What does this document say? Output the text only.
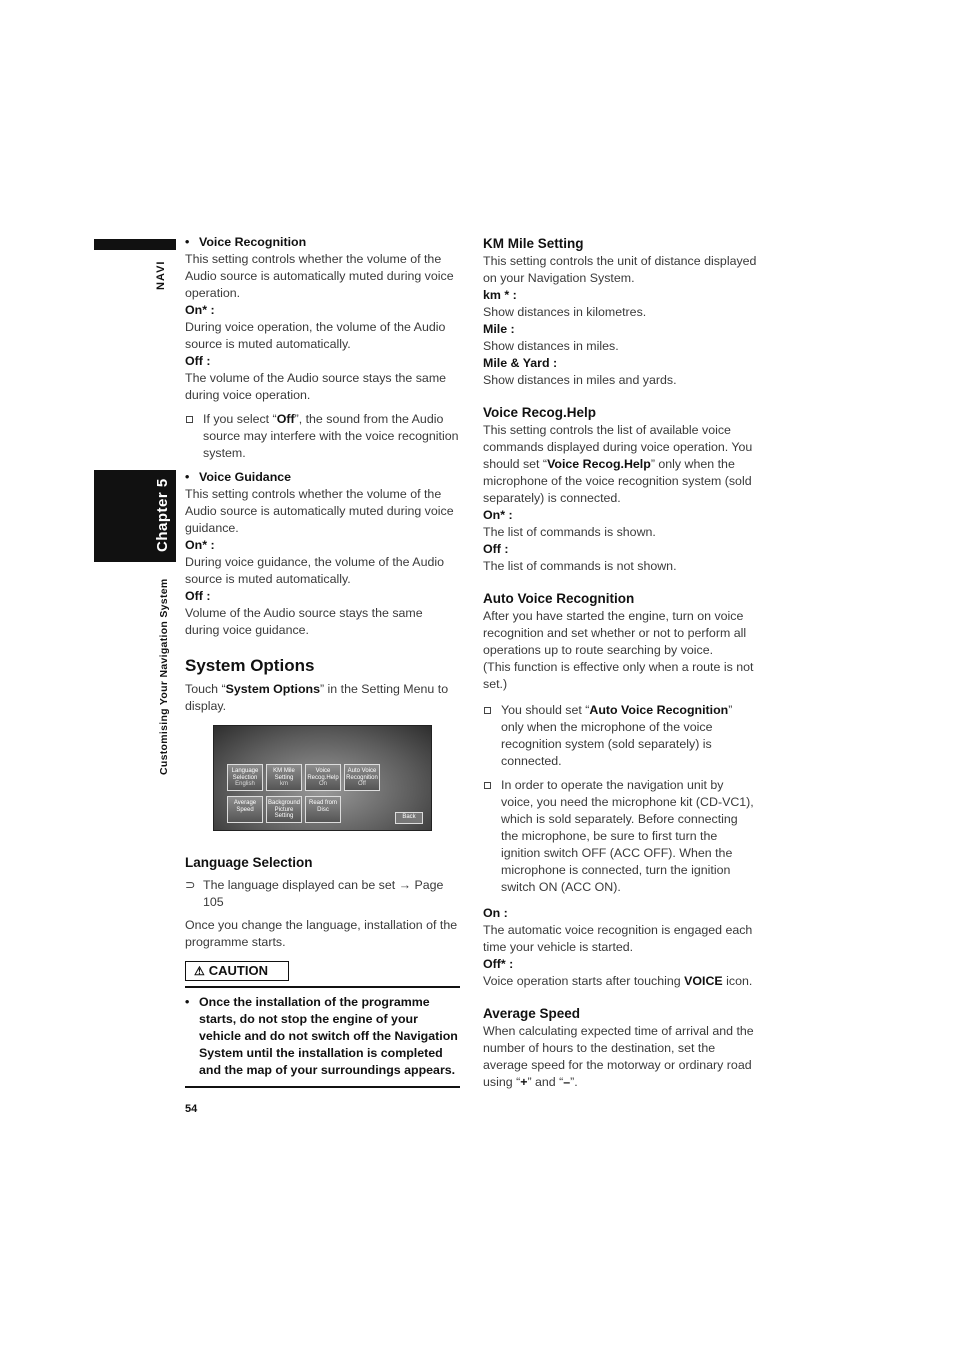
NAVI
Chapter 5
Customising Your Navigation System

• Voice Recognition

This setting controls whether the volume of the Audio source is automatically muted during voice operation.

On* :

During voice operation, the volume of the Audio source is muted automatically.

Off :

The volume of the Audio source stays the same during voice operation.

If you select “Off”, the sound from the Audio source may interfere with the voice recognition system.

• Voice Guidance

This setting controls whether the volume of the Audio source is automatically muted during voice guidance.

On* :

During voice guidance, the volume of the Audio source is muted automatically.

Off :

Volume of the Audio source stays the same during voice guidance.

System Options

Touch “System Options” in the Setting Menu to display.

Language Selection
English
KM Mile Setting
km
Voice Recog.Help
On
Auto Voice Recognition
Off
Average Speed
Background Picture Setting
Read from Disc
Back

Language Selection

⊃ The language displayed can be set → Page 105

Once you change the language, installation of the programme starts.

⚠ CAUTION
• Once the installation of the programme starts, do not stop the engine of your vehicle and do not switch off the Navigation System until the installation is completed and the map of your surroundings appears.

KM Mile Setting

This setting controls the unit of distance displayed on your Navigation System.

km * :

Show distances in kilometres.

Mile :

Show distances in miles.

Mile & Yard :

Show distances in miles and yards.

Voice Recog.Help

This setting controls the list of available voice commands displayed during voice operation. You should set “Voice Recog.Help” only when the microphone of the voice recognition system (sold separately) is connected.

On* :

The list of commands is shown.

Off :

The list of commands is not shown.

Auto Voice Recognition

After you have started the engine, turn on voice recognition and set whether or not to perform all operations up to route searching by voice.

(This function is effective only when a route is not set.)

You should set “Auto Voice Recognition” only when the microphone of the voice recognition system (sold separately) is connected.
In order to operate the navigation unit by voice, you need the microphone kit (CD-VC1), which is sold separately. Before connecting the microphone, be sure to first turn the ignition switch OFF (ACC OFF). When the microphone is connected, turn the ignition switch ON (ACC ON).

On :

The automatic voice recognition is engaged each time your vehicle is started.

Off* :

Voice operation starts after touching VOICE icon.

Average Speed

When calculating expected time of arrival and the number of hours to the destination, set the average speed for the motorway or ordinary road using “+” and “–”.

54
